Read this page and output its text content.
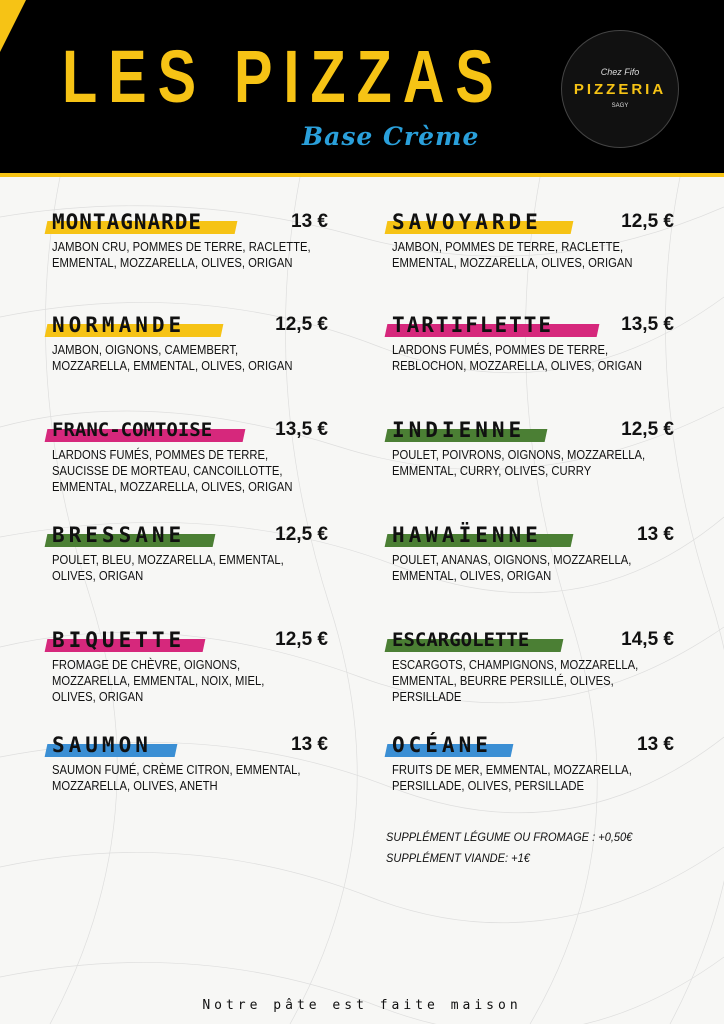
LES PIZZAS
Base Crème
Chez Fifo
PIZZERIA
SAGY
MONTAGNARDE	13 €
JAMBON CRU, POMMES DE TERRE, RACLETTE,
EMMENTAL, MOZZARELLA, OLIVES, ORIGAN
NORMANDE	12,5 €
JAMBON, OIGNONS, CAMEMBERT,
MOZZARELLA, EMMENTAL, OLIVES, ORIGAN
FRANC-COMTOISE	13,5 €
LARDONS FUMÉS, POMMES DE TERRE,
SAUCISSE DE MORTEAU, CANCOILLOTTE,
EMMENTAL, MOZZARELLA, OLIVES, ORIGAN
BRESSANE	12,5 €
POULET, BLEU, MOZZARELLA, EMMENTAL,
OLIVES, ORIGAN
BIQUETTE	12,5 €
FROMAGE DE CHÈVRE, OIGNONS,
MOZZARELLA, EMMENTAL, NOIX, MIEL,
OLIVES, ORIGAN
SAUMON	13 €
SAUMON FUMÉ, CRÈME CITRON, EMMENTAL,
MOZZARELLA, OLIVES, ANETH
SAVOYARDE	12,5 €
JAMBON, POMMES DE TERRE, RACLETTE,
EMMENTAL, MOZZARELLA, OLIVES, ORIGAN
TARTIFLETTE	13,5 €
LARDONS FUMÉS, POMMES DE TERRE,
REBLOCHON, MOZZARELLA, OLIVES, ORIGAN
INDIENNE	12,5 €
POULET, POIVRONS, OIGNONS, MOZZARELLA,
EMMENTAL, CURRY, OLIVES, CURRY
HAWAÏENNE	13 €
POULET, ANANAS, OIGNONS, MOZZARELLA,
EMMENTAL, OLIVES, ORIGAN
ESCARGOLETTE	14,5 €
ESCARGOTS, CHAMPIGNONS, MOZZARELLA,
EMMENTAL, BEURRE PERSILLÉ, OLIVES,
PERSILLADE
OCÉANE	13 €
FRUITS DE MER, EMMENTAL, MOZZARELLA,
PERSILLADE, OLIVES, PERSILLADE
SUPPLÉMENT LÉGUME OU FROMAGE : +0,50€
SUPPLÉMENT VIANDE: +1€
Notre pâte est faite maison
